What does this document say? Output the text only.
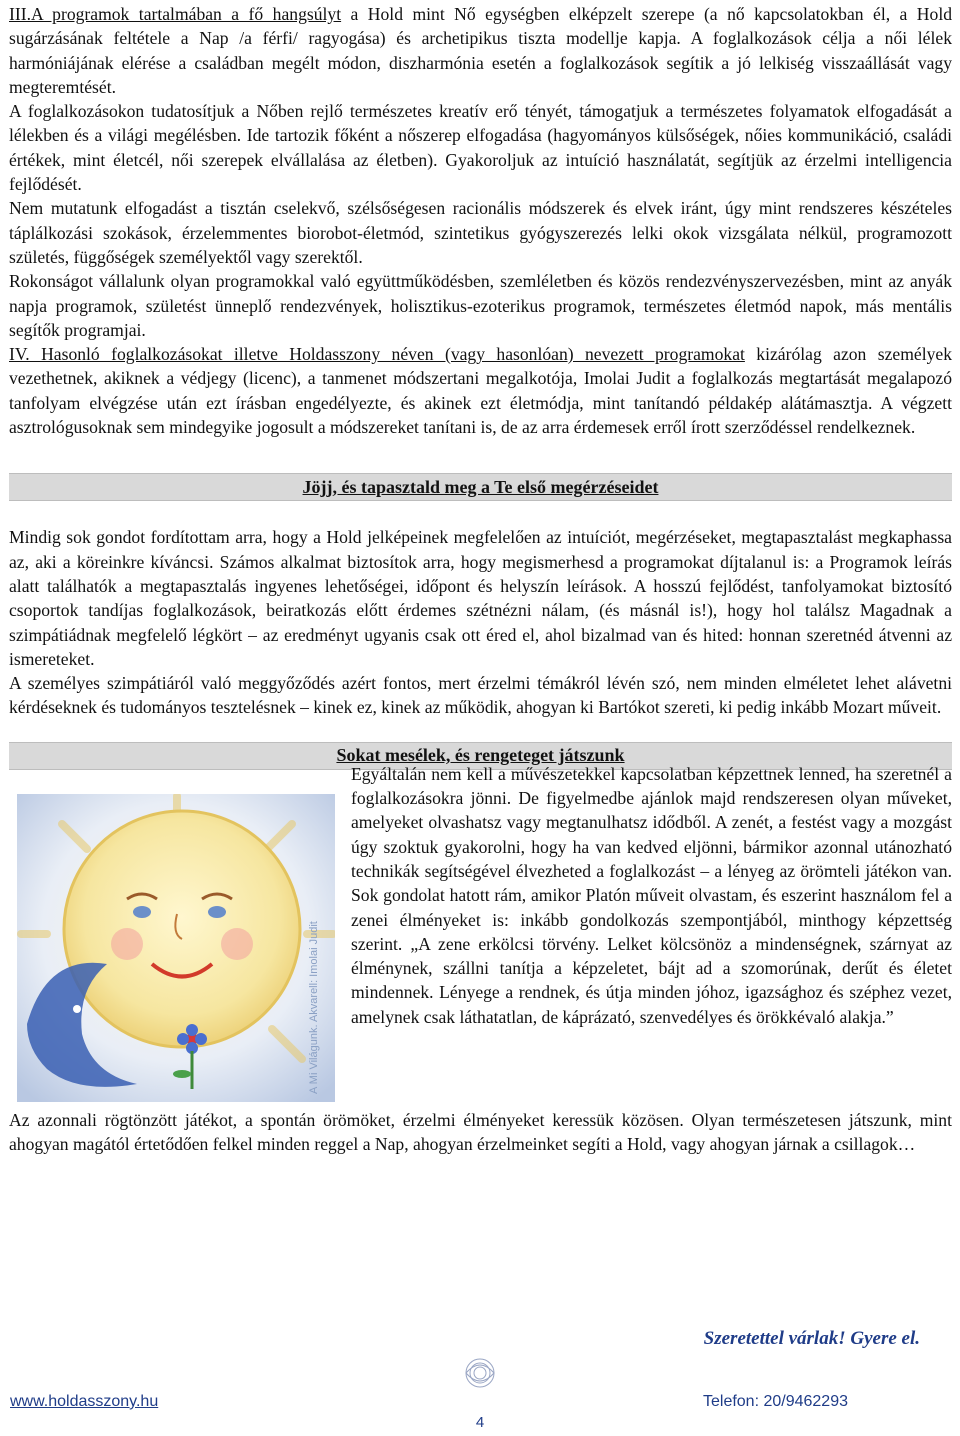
III.A programok tartalmában a fő hangsúlyt a Hold mint Nő egységben elképzelt szerepe (a nő kapcsolatokban él, a Hold sugárzásának feltétele a Nap /a férfi/ ragyogása) és archetipikus tiszta modellje kapja. A foglalkozások célja a női lélek harmóniájának elérése a családban megélt módon, diszharmónia esetén a foglalkozások segítik a jó lelkiség visszaállását vagy megteremtését.

A foglalkozásokon tudatosítjuk a Nőben rejlő természetes kreatív erő tényét, támogatjuk a természetes folyamatok elfogadását a lélekben és a világi megélésben. Ide tartozik főként a nőszerep elfogadása (hagyományos külsőségek, nőies kommunikáció, családi értékek, mint életcél, női szerepek elvállalása az életben). Gyakoroljuk az intuíció használatát, segítjük az érzelmi intelligencia fejlődését.

Nem mutatunk elfogadást a tisztán cselekvő, szélsőségesen racionális módszerek és elvek iránt, úgy mint rendszeres készételes táplálkozási szokások, érzelemmentes biorobot-életmód, szintetikus gyógyszerezés lelki okok vizsgálata nélkül, programozott születés, függőségek személyektől vagy szerektől.

Rokonságot vállalunk olyan programokkal való együttműködésben, szemléletben és közös rendezvényszervezésben, mint az anyák napja programok, születést ünneplő rendezvények, holisztikus-ezoterikus programok, természetes életmód napok, más mentális segítők programjai.

IV. Hasonló foglalkozásokat illetve Holdasszony néven (vagy hasonlóan) nevezett programokat kizárólag azon személyek vezethetnek, akiknek a védjegy (licenc), a tanmenet módszertani megalkotója, Imolai Judit a foglalkozás megtartását megalapozó tanfolyam elvégzése után ezt írásban engedélyezte, és akinek ezt életmódja, mint tanítandó példakép alátámasztja. A végzett asztrológusoknak sem mindegyike jogosult a módszereket tanítani is, de az arra érdemesek erről írott szerződéssel rendelkeznek.

Jöjj, és tapasztald meg a Te első megérzéseidet

Mindig sok gondot fordítottam arra, hogy a Hold jelképeinek megfelelően az intuíciót, megérzéseket, megtapasztalást megkaphassa az, aki a köreinkre kíváncsi. Számos alkalmat biztosítok arra, hogy megismerhesd a programokat díjtalanul is: a Programok leírás alatt találhatók a megtapasztalás ingyenes lehetőségei, időpont és helyszín leírások. A hosszú fejlődést, tanfolyamokat biztosító csoportok tandíjas foglalkozások, beiratkozás előtt érdemes szétnézni nálam, (és másnál is!), hogy hol találsz Magadnak a szimpátiádnak megfelelő légkört – az eredményt ugyanis csak ott éred el, ahol bizalmad van és hited: honnan szeretnéd átvenni az ismereteket.

A személyes szimpátiáról való meggyőződés azért fontos, mert érzelmi témákról lévén szó, nem minden elméletet lehet alávetni kérdéseknek és tudományos tesztelésnek – kinek ez, kinek az működik, ahogyan ki Bartókot szereti, ki pedig inkább Mozart műveit.

Sokat mesélek, és rengeteget játszunk
A Mi Világunk. Akvarell: Imolai Judit

Egyáltalán nem kell a művészetekkel kapcsolatban képzettnek lenned, ha szeretnél a foglalkozásokra jönni. De figyelmedbe ajánlok majd rendszeresen olyan műveket, amelyeket olvashatsz vagy megtanulhatsz idődből. A zenét, a festést vagy a mozgást úgy szoktuk gyakorolni, hogy ha van kedved eljönni, bármikor azonnal utánozható technikák segítségével élvezheted a foglalkozást – a lényeg az örömteli játékon van. Sok gondolat hatott rám, amikor Platón műveit olvastam, és eszerint használom fel a zenei élményeket is: inkább gondolkozás szempontjából, minthogy képzettség szerint. „A zene erkölcsi törvény. Lelket kölcsönöz a mindenségnek, szárnyat az élménynek, szállni tanítja a képzeletet, bájt ad a szomorúnak, derűt és életet mindennek. Lényege a rendnek, és útja minden jóhoz, igazsághoz és széphez vezet, amelynek csak láthatatlan, de káprázató, szenvedélyes és örökkévaló alakja.”

Az azonnali rögtönzött játékot, a spontán örömöket, érzelmi élményeket keressük közösen. Olyan természetesen játszunk, mint ahogyan magától értetődően felkel minden reggel a Nap, ahogyan érzelmeinket segíti a Hold, vagy ahogyan járnak a csillagok…

Szeretettel várlak! Gyere el.
www.holdasszony.hu	Telefon: 20/9462293
4
